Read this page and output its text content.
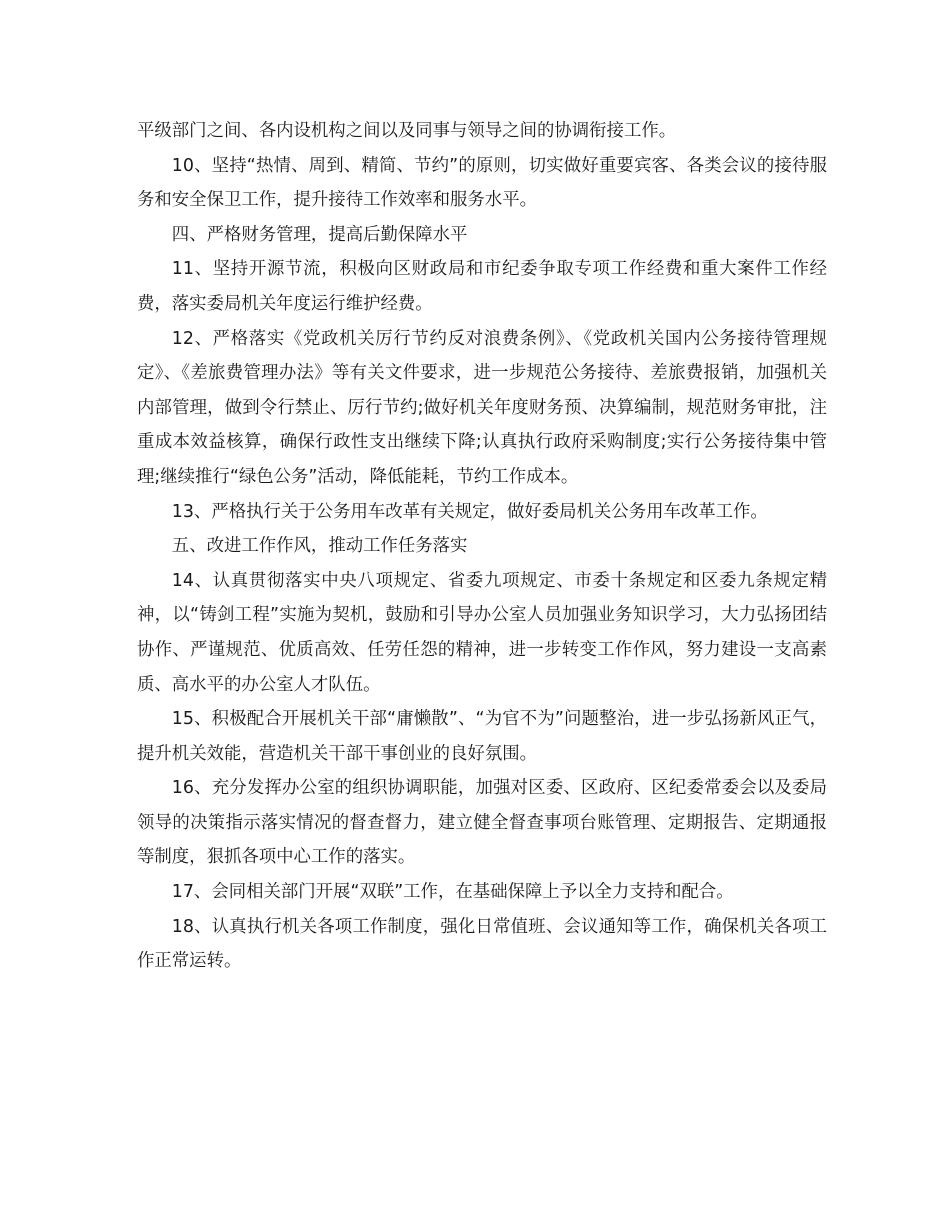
平级部门之间、各内设机构之间以及同事与领导之间的协调衔接工作。

10、坚持“热情、周到、精简、节约”的原则，切实做好重要宾客、各类会议的接待服务和安全保卫工作，提升接待工作效率和服务水平。

四、严格财务管理，提高后勤保障水平

11、坚持开源节流，积极向区财政局和市纪委争取专项工作经费和重大案件工作经费，落实委局机关年度运行维护经费。

12、严格落实《党政机关厉行节约反对浪费条例》、《党政机关国内公务接待管理规定》、《差旅费管理办法》等有关文件要求，进一步规范公务接待、差旅费报销，加强机关内部管理，做到令行禁止、厉行节约;做好机关年度财务预、决算编制，规范财务审批，注重成本效益核算，确保行政性支出继续下降;认真执行政府采购制度;实行公务接待集中管理;继续推行“绿色公务”活动，降低能耗，节约工作成本。

13、严格执行关于公务用车改革有关规定，做好委局机关公务用车改革工作。

五、改进工作作风，推动工作任务落实

14、认真贯彻落实中央八项规定、省委九项规定、市委十条规定和区委九条规定精神，以“铸剑工程”实施为契机，鼓励和引导办公室人员加强业务知识学习，大力弘扬团结协作、严谨规范、优质高效、任劳任怨的精神，进一步转变工作作风，努力建设一支高素质、高水平的办公室人才队伍。

15、积极配合开展机关干部“庸懒散”、“为官不为”问题整治，进一步弘扬新风正气，提升机关效能，营造机关干部干事创业的良好氛围。

16、充分发挥办公室的组织协调职能，加强对区委、区政府、区纪委常委会以及委局领导的决策指示落实情况的督查督力，建立健全督查事项台账管理、定期报告、定期通报等制度，狠抓各项中心工作的落实。

17、会同相关部门开展“双联”工作，在基础保障上予以全力支持和配合。

18、认真执行机关各项工作制度，强化日常值班、会议通知等工作，确保机关各项工作正常运转。
